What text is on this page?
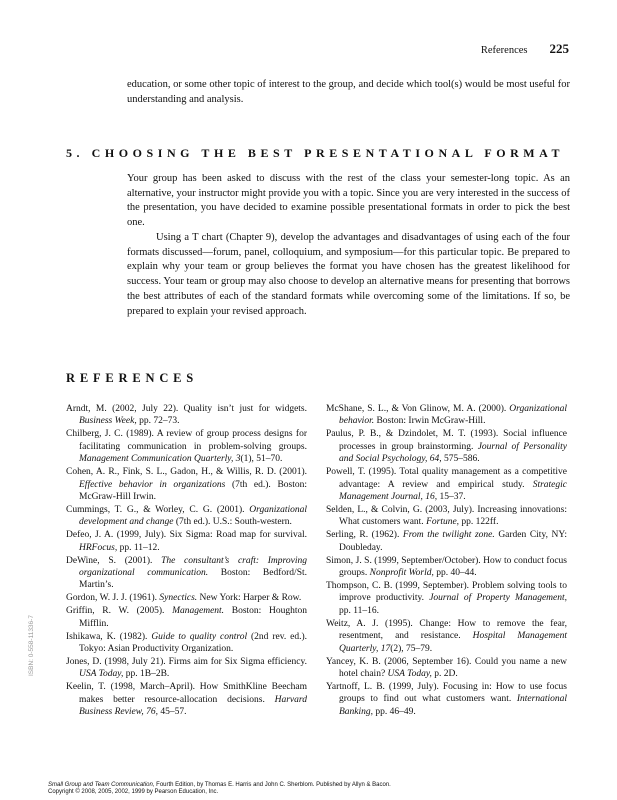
References 225

education, or some other topic of interest to the group, and decide which tool(s) would be most useful for understanding and analysis.

5. CHOOSING THE BEST PRESENTATIONAL FORMAT

Your group has been asked to discuss with the rest of the class your semester-long topic. As an alternative, your instructor might provide you with a topic. Since you are very interested in the success of the presentation, you have decided to examine possible presentational formats in order to pick the best one.

Using a T chart (Chapter 9), develop the advantages and disadvantages of using each of the four formats discussed—forum, panel, colloquium, and symposium—for this particular topic. Be prepared to explain why your team or group believes the format you have chosen has the greatest likelihood for success. Your team or group may also choose to develop an alternative means for presenting that borrows the best attributes of each of the standard formats while overcoming some of the limitations. If so, be prepared to explain your revised approach.

REFERENCES

Arndt, M. (2002, July 22). Quality isn’t just for widgets. Business Week, pp. 72–73.

Chilberg, J. C. (1989). A review of group process designs for facilitating communication in problem-solving groups. Management Communication Quarterly, 3(1), 51–70.

Cohen, A. R., Fink, S. L., Gadon, H., & Willis, R. D. (2001). Effective behavior in organizations (7th ed.). Boston: McGraw-Hill Irwin.

Cummings, T. G., & Worley, C. G. (2001). Organizational development and change (7th ed.). U.S.: South-western.

Defeo, J. A. (1999, July). Six Sigma: Road map for survival. HRFocus, pp. 11–12.

DeWine, S. (2001). The consultant’s craft: Improving organizational communication. Boston: Bedford/St. Martin’s.

Gordon, W. J. J. (1961). Synectics. New York: Harper & Row.

Griffin, R. W. (2005). Management. Boston: Houghton Mifflin.

Ishikawa, K. (1982). Guide to quality control (2nd rev. ed.). Tokyo: Asian Productivity Organization.

Jones, D. (1998, July 21). Firms aim for Six Sigma efficiency. USA Today, pp. 1B–2B.

Keelin, T. (1998, March–April). How SmithKline Beecham makes better resource-allocation decisions. Harvard Business Review, 76, 45–57.

McShane, S. L., & Von Glinow, M. A. (2000). Organizational behavior. Boston: Irwin McGraw-Hill.

Paulus, P. B., & Dzindolet, M. T. (1993). Social influence processes in group brainstorming. Journal of Personality and Social Psychology, 64, 575–586.

Powell, T. (1995). Total quality management as a competitive advantage: A review and empirical study. Strategic Management Journal, 16, 15–37.

Selden, L., & Colvin, G. (2003, July). Increasing innovations: What customers want. Fortune, pp. 122ff.

Serling, R. (1962). From the twilight zone. Garden City, NY: Doubleday.

Simon, J. S. (1999, September/October). How to conduct focus groups. Nonprofit World, pp. 40–44.

Thompson, C. B. (1999, September). Problem solving tools to improve productivity. Journal of Property Management, pp. 11–16.

Weitz, A. J. (1995). Change: How to remove the fear, resentment, and resistance. Hospital Management Quarterly, 17(2), 75–79.

Yancey, K. B. (2006, September 16). Could you name a new hotel chain? USA Today, p. 2D.

Yartnoff, L. B. (1999, July). Focusing in: How to use focus groups to find out what customers want. International Banking, pp. 46–49.

ISBN: 0-558-11336-7
Small Group and Team Communication, Fourth Edition, by Thomas E. Harris and John C. Sherblom. Published by Allyn & Bacon.
Copyright © 2008, 2005, 2002, 1999 by Pearson Education, Inc.
